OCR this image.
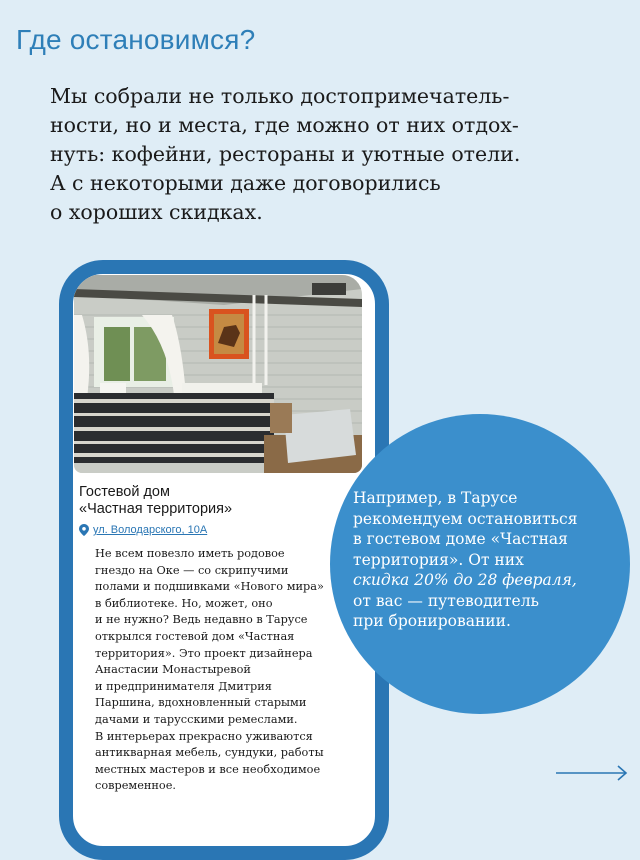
Где остановимся?
Мы собрали не только достопримечатель-
ности, но и места, где можно от них отдох-
нуть: кофейни, рестораны и уютные отели.
А с некоторыми даже договорились
о хороших скидках.
Гостевой дом
«Частная территория»
ул. Володарского, 10А
Не всем повезло иметь родовое
гнездо на Оке — со скрипучими
полами и подшивками «Нового мира»
в библиотеке. Но, может, оно
и не нужно? Ведь недавно в Тарусе
открылся гостевой дом «Частная
территория». Это проект дизайнера
Анастасии Монастыревой
и предпринимателя Дмитрия
Паршина, вдохновленный старыми
дачами и тарусскими ремеслами.
В интерьерах прекрасно уживаются
антикварная мебель, сундуки, работы
местных мастеров и все необходимое
современное.
Например, в Тарусе
рекомендуем остановиться
в гостевом доме «Частная
территория». От них
скидка 20% до 28 февраля,
от вас — путеводитель
при бронировании.
